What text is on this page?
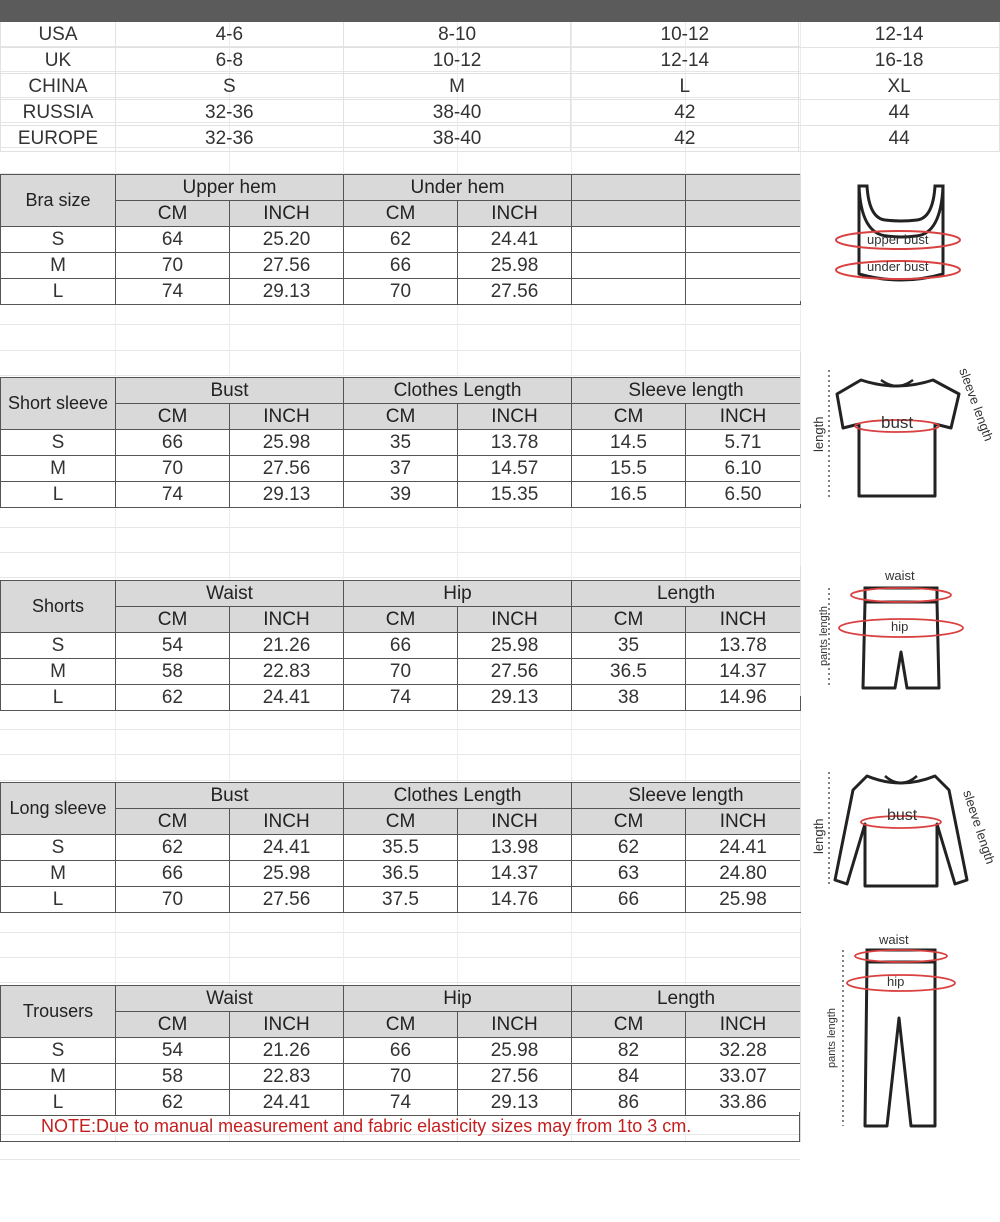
USA	4-6	8-10	10-12	12-14
UK	6-8	10-12	12-14	16-18
CHINA	S	M	L	XL
RUSSIA	32-36	38-40	42	44
EUROPE	32-36	38-40	42	44
Bra size	Upper hem		Under hem			
	CM	INCH	CM	INCH		
S	64	25.20	62	24.41		
M	70	27.56	66	25.98		
L	74	29.13	70	27.56		
Short sleeve	Bust		Clothes Length		Sleeve length	
	CM	INCH	CM	INCH	CM	INCH
S	66	25.98	35	13.78	14.5	5.71
M	70	27.56	37	14.57	15.5	6.10
L	74	29.13	39	15.35	16.5	6.50
Shorts	Waist		Hip		Length	
	CM	INCH	CM	INCH	CM	INCH
S	54	21.26	66	25.98	35	13.78
M	58	22.83	70	27.56	36.5	14.37
L	62	24.41	74	29.13	38	14.96
Long sleeve	Bust		Clothes Length		Sleeve length	
	CM	INCH	CM	INCH	CM	INCH
S	62	24.41	35.5	13.98	62	24.41
M	66	25.98	36.5	14.37	63	24.80
L	70	27.56	37.5	14.76	66	25.98
Trousers	Waist		Hip		Length	
	CM	INCH	CM	INCH	CM	INCH
S	54	21.26	66	25.98	82	32.28
M	58	22.83	70	27.56	84	33.07
L	62	24.41	74	29.13	86	33.86
NOTE:Due to manual measurement and fabric elasticity sizes may from 1to 3 cm.
upper bust
under bust
bust
length	sleeve length
waist
hip
pants length
bust
length	sleeve length
waist
hip
pants length
